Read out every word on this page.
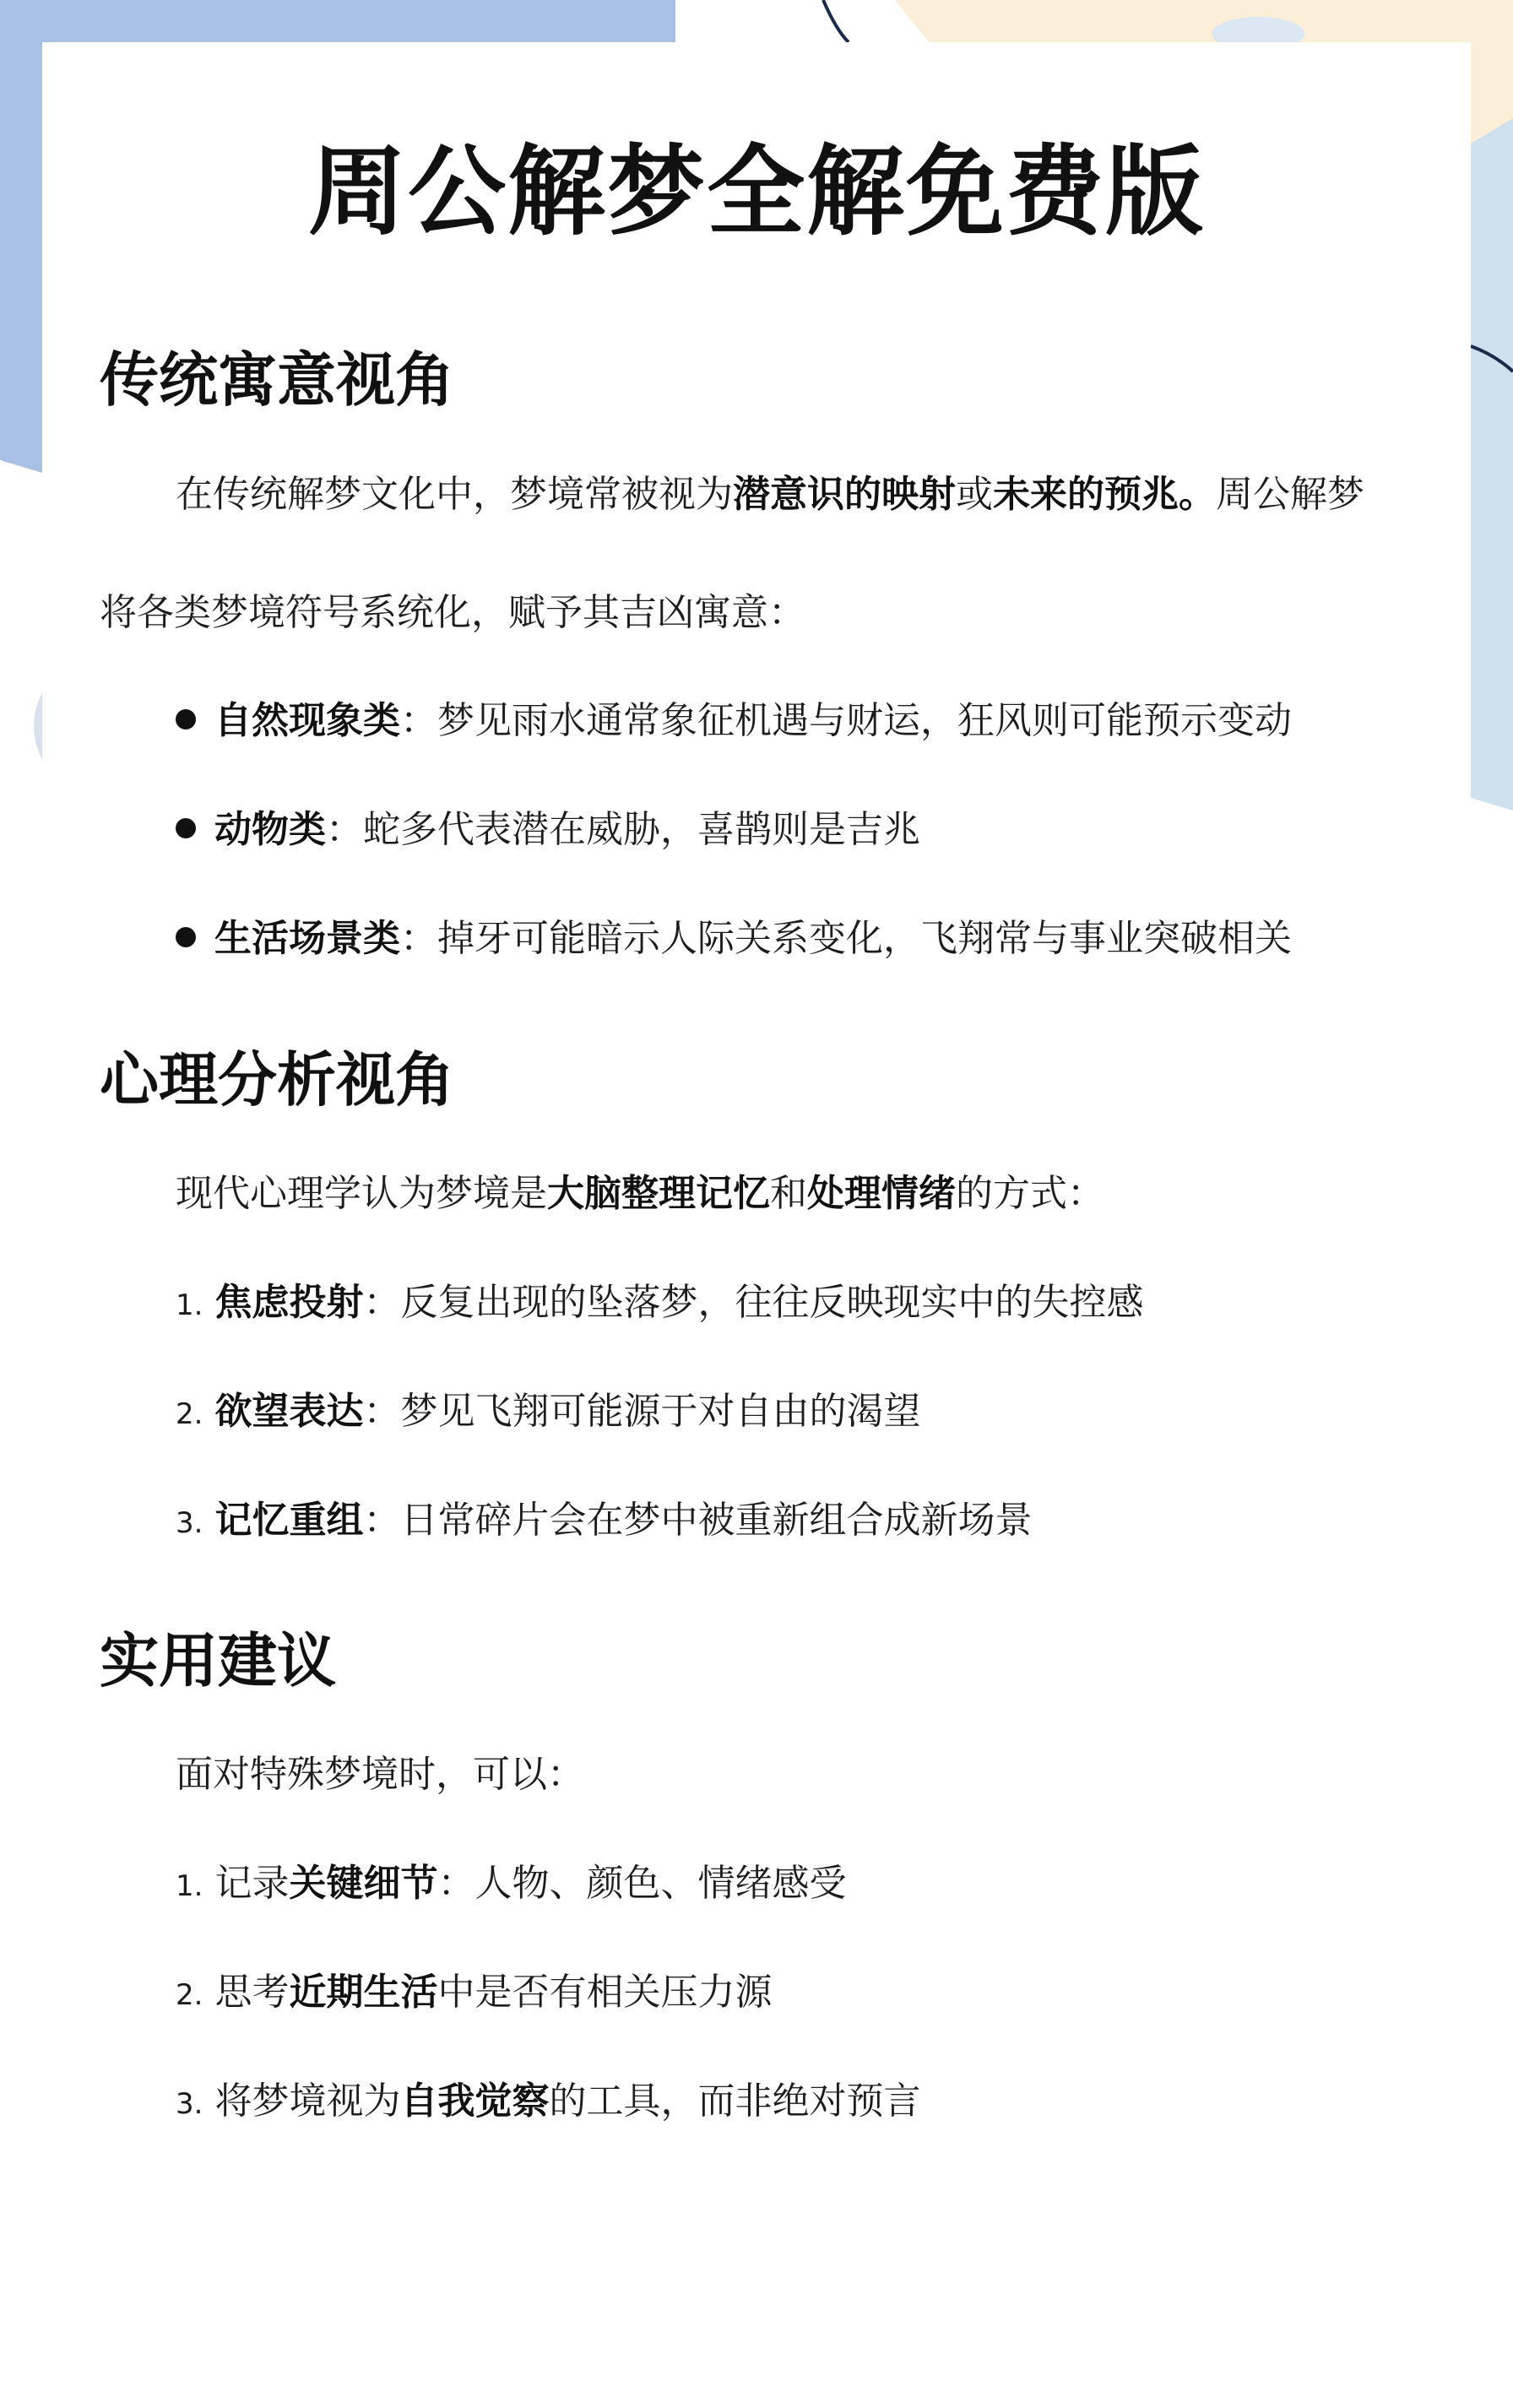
周公解梦全解免费版
传统寓意视角
在传统解梦文化中，梦境常被视为潜意识的映射或未来的预兆。周公解梦
将各类梦境符号系统化，赋予其吉凶寓意：
自然现象类：梦见雨水通常象征机遇与财运，狂风则可能预示变动
动物类：蛇多代表潜在威胁，喜鹊则是吉兆
生活场景类：掉牙可能暗示人际关系变化，飞翔常与事业突破相关
心理分析视角
现代心理学认为梦境是大脑整理记忆和处理情绪的方式：
1. 焦虑投射：反复出现的坠落梦，往往反映现实中的失控感
2. 欲望表达：梦见飞翔可能源于对自由的渴望
3. 记忆重组：日常碎片会在梦中被重新组合成新场景
实用建议
面对特殊梦境时，可以：
1. 记录关键细节：人物、颜色、情绪感受
2. 思考近期生活中是否有相关压力源
3. 将梦境视为自我觉察的工具，而非绝对预言
